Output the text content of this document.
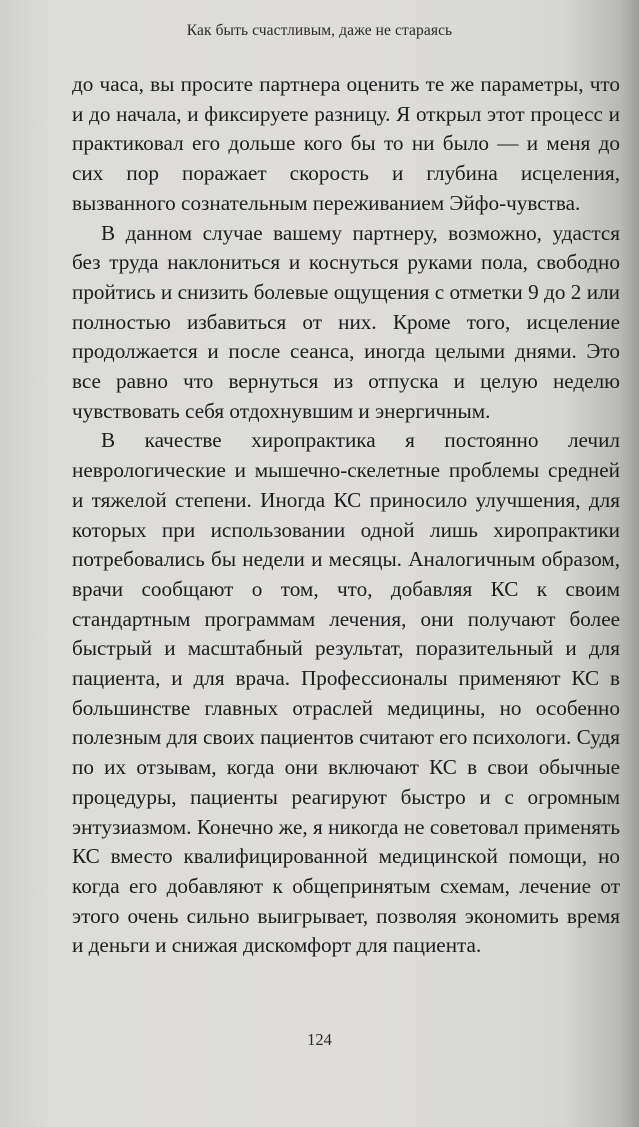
Как быть счастливым, даже не стараясь

до часа, вы просите партнера оценить те же параметры, что и до начала, и фиксируете разницу. Я открыл этот процесс и практиковал его дольше кого бы то ни было — и меня до сих пор поражает скорость и глубина исцеления, вызванного сознательным переживанием Эйфо-чувства.

В данном случае вашему партнеру, возможно, удастся без труда наклониться и коснуться руками пола, свободно пройтись и снизить болевые ощущения с отметки 9 до 2 или полностью избавиться от них. Кроме того, исцеление продолжается и после сеанса, иногда целыми днями. Это все равно что вернуться из отпуска и целую неделю чувствовать себя отдохнувшим и энергичным.

В качестве хиропрактика я постоянно лечил неврологические и мышечно-скелетные проблемы средней и тяжелой степени. Иногда КС приносило улучшения, для которых при использовании одной лишь хиропрактики потребовались бы недели и месяцы. Аналогичным образом, врачи сообщают о том, что, добавляя КС к своим стандартным программам лечения, они получают более быстрый и масштабный результат, поразительный и для пациента, и для врача. Профессионалы применяют КС в большинстве главных отраслей медицины, но особенно полезным для своих пациентов считают его психологи. Судя по их отзывам, когда они включают КС в свои обычные процедуры, пациенты реагируют быстро и с огромным энтузиазмом. Конечно же, я никогда не советовал применять КС вместо квалифицированной медицинской помощи, но когда его добавляют к общепринятым схемам, лечение от этого очень сильно выигрывает, позволяя экономить время и деньги и снижая дискомфорт для пациента.

124
